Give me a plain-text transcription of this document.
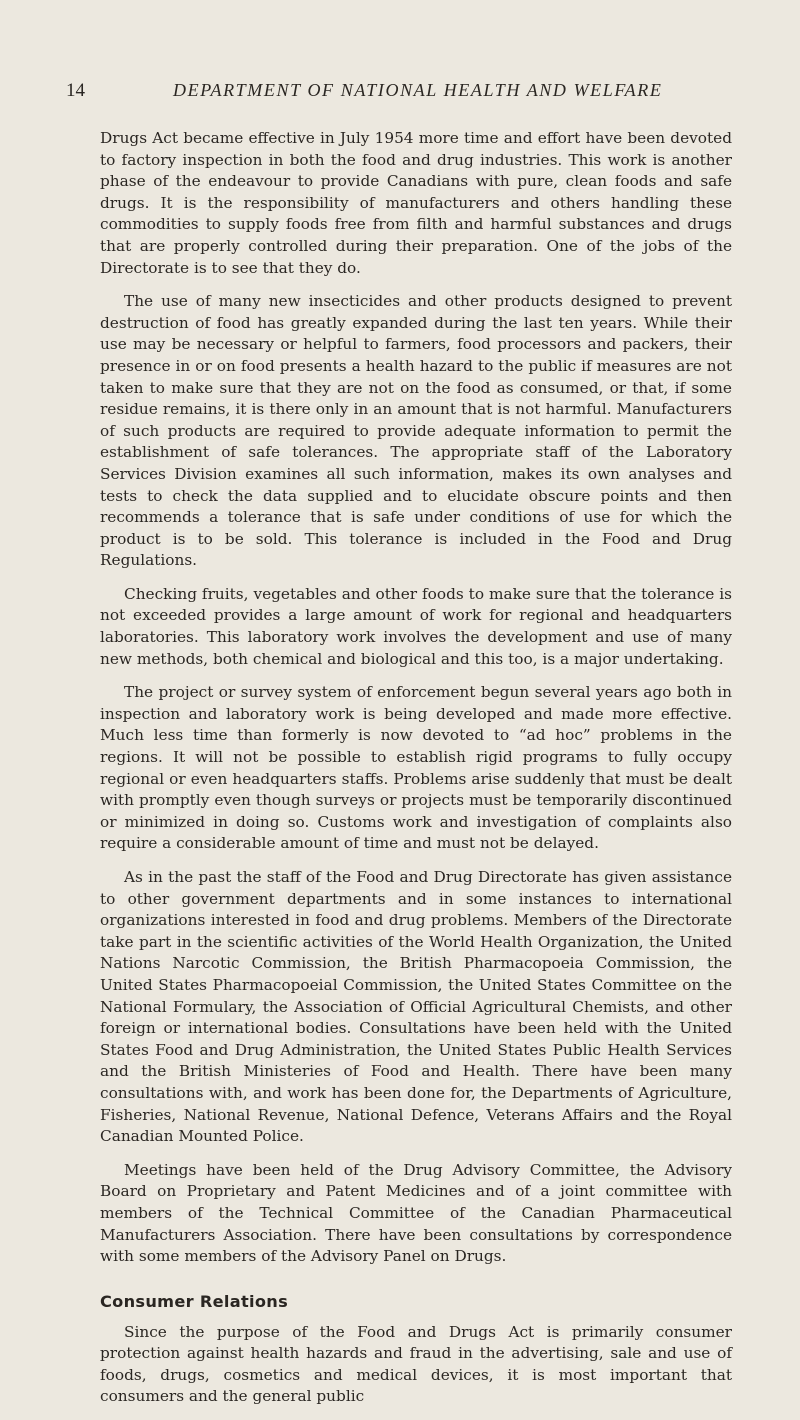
14	DEPARTMENT OF NATIONAL HEALTH AND WELFARE

Drugs Act became effective in July 1954 more time and effort have been devoted to factory inspection in both the food and drug industries. This work is another phase of the endeavour to provide Canadians with pure, clean foods and safe drugs. It is the responsibility of manufacturers and others handling these commodities to supply foods free from filth and harmful substances and drugs that are properly controlled during their preparation. One of the jobs of the Directorate is to see that they do.

The use of many new insecticides and other products designed to prevent destruction of food has greatly expanded during the last ten years. While their use may be necessary or helpful to farmers, food processors and packers, their presence in or on food presents a health hazard to the public if measures are not taken to make sure that they are not on the food as consumed, or that, if some residue remains, it is there only in an amount that is not harmful. Manufacturers of such products are required to provide adequate information to permit the establishment of safe tolerances. The appropriate staff of the Laboratory Services Division examines all such information, makes its own analyses and tests to check the data supplied and to elucidate obscure points and then recommends a tolerance that is safe under conditions of use for which the product is to be sold. This tolerance is included in the Food and Drug Regulations.

Checking fruits, vegetables and other foods to make sure that the tolerance is not exceeded provides a large amount of work for regional and headquarters laboratories. This laboratory work involves the development and use of many new methods, both chemical and biological and this too, is a major undertaking.

The project or survey system of enforcement begun several years ago both in inspection and laboratory work is being developed and made more effective. Much less time than formerly is now devoted to “ad hoc” problems in the regions. It will not be possible to establish rigid programs to fully occupy regional or even headquarters staffs. Problems arise suddenly that must be dealt with promptly even though surveys or projects must be temporarily discontinued or minimized in doing so. Customs work and investigation of complaints also require a considerable amount of time and must not be delayed.

As in the past the staff of the Food and Drug Directorate has given assistance to other government departments and in some instances to international organizations interested in food and drug problems. Members of the Directorate take part in the scientific activities of the World Health Organization, the United Nations Narcotic Commission, the British Pharmacopoeia Commission, the United States Pharmacopoeial Commission, the United States Committee on the National Formulary, the Association of Official Agricultural Chemists, and other foreign or international bodies. Consultations have been held with the United States Food and Drug Administration, the United States Public Health Services and the British Ministeries of Food and Health. There have been many consultations with, and work has been done for, the Departments of Agriculture, Fisheries, National Revenue, National Defence, Veterans Affairs and the Royal Canadian Mounted Police.

Meetings have been held of the Drug Advisory Committee, the Advisory Board on Proprietary and Patent Medicines and of a joint committee with members of the Technical Committee of the Canadian Pharmaceutical Manufacturers Association. There have been consultations by correspondence with some members of the Advisory Panel on Drugs.

Consumer Relations

Since the purpose of the Food and Drugs Act is primarily consumer protection against health hazards and fraud in the advertising, sale and use of foods, drugs, cosmetics and medical devices, it is most important that consumers and the general public
